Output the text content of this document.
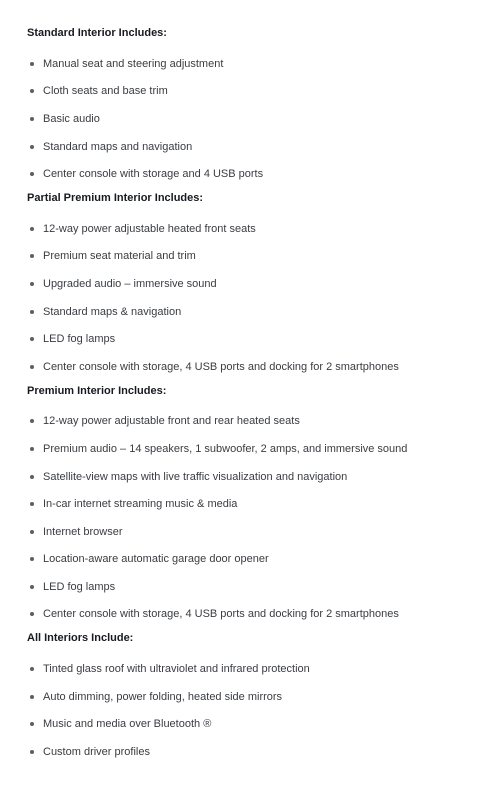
Standard Interior Includes:
Manual seat and steering adjustment
Cloth seats and base trim
Basic audio
Standard maps and navigation
Center console with storage and 4 USB ports
Partial Premium Interior Includes:
12-way power adjustable heated front seats
Premium seat material and trim
Upgraded audio – immersive sound
Standard maps & navigation
LED fog lamps
Center console with storage, 4 USB ports and docking for 2 smartphones
Premium Interior Includes:
12-way power adjustable front and rear heated seats
Premium audio – 14 speakers, 1 subwoofer, 2 amps, and immersive sound
Satellite-view maps with live traffic visualization and navigation
In-car internet streaming music & media
Internet browser
Location-aware automatic garage door opener
LED fog lamps
Center console with storage, 4 USB ports and docking for 2 smartphones
All Interiors Include:
Tinted glass roof with ultraviolet and infrared protection
Auto dimming, power folding, heated side mirrors
Music and media over Bluetooth ®
Custom driver profiles
